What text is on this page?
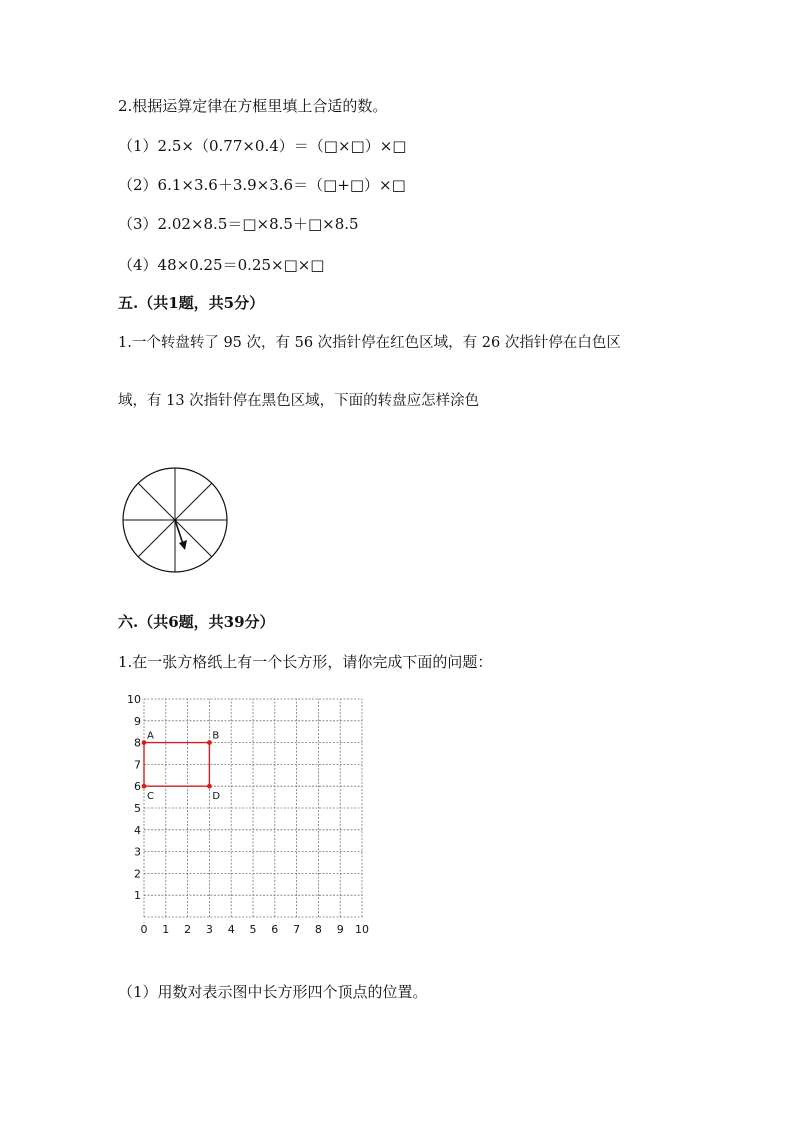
2.根据运算定律在方框里填上合适的数。
（1）2.5×（0.77×0.4）＝（□×□）×□
（2）6.1×3.6＋3.9×3.6＝（□+□）×□
（3）2.02×8.5＝□×8.5＋□×8.5
（4）48×0.25＝0.25×□×□
五.（共1题，共5分）
1.一个转盘转了 95 次，有 56 次指针停在红色区域，有 26 次指针停在白色区
域，有 13 次指针停在黑色区域，下面的转盘应怎样涂色
六.（共6题，共39分）
1.在一张方格纸上有一个长方形，请你完成下面的问题：
A	B
C	D
0 1 2 3 4 5 6 7 8 9 10
1
2
3
4
5
6
7
8
9
10
（1）用数对表示图中长方形四个顶点的位置。
